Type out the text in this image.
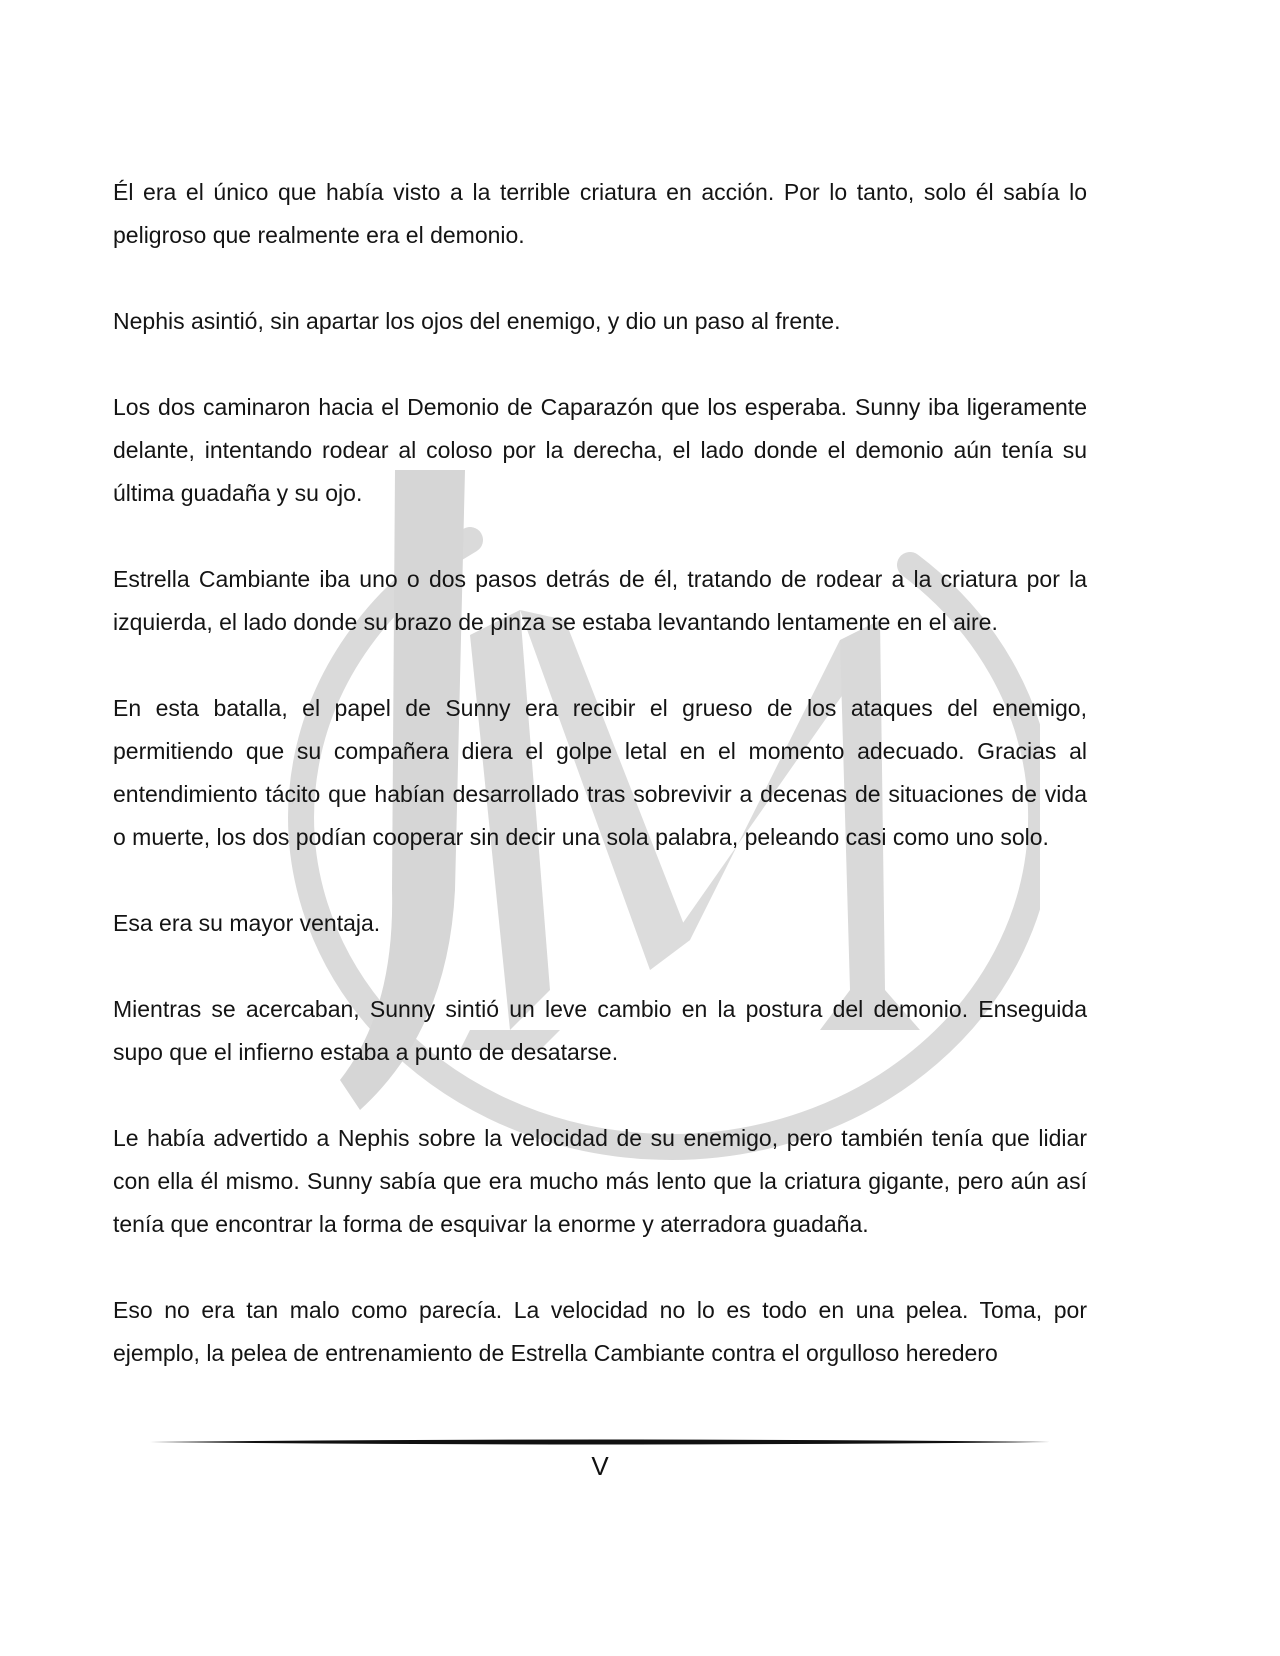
Él era el único que había visto a la terrible criatura en acción. Por lo tanto, solo él sabía lo peligroso que realmente era el demonio.

Nephis asintió, sin apartar los ojos del enemigo, y dio un paso al frente.

Los dos caminaron hacia el Demonio de Caparazón que los esperaba. Sunny iba ligeramente delante, intentando rodear al coloso por la derecha, el lado donde el demonio aún tenía su última guadaña y su ojo.

Estrella Cambiante iba uno o dos pasos detrás de él, tratando de rodear a la criatura por la izquierda, el lado donde su brazo de pinza se estaba levantando lentamente en el aire.

En esta batalla, el papel de Sunny era recibir el grueso de los ataques del enemigo, permitiendo que su compañera diera el golpe letal en el momento adecuado. Gracias al entendimiento tácito que habían desarrollado tras sobrevivir a decenas de situaciones de vida o muerte, los dos podían cooperar sin decir una sola palabra, peleando casi como uno solo.

Esa era su mayor ventaja.

Mientras se acercaban, Sunny sintió un leve cambio en la postura del demonio. Enseguida supo que el infierno estaba a punto de desatarse.

Le había advertido a Nephis sobre la velocidad de su enemigo, pero también tenía que lidiar con ella él mismo. Sunny sabía que era mucho más lento que la criatura gigante, pero aún así tenía que encontrar la forma de esquivar la enorme y aterradora guadaña.

Eso no era tan malo como parecía. La velocidad no lo es todo en una pelea. Toma, por ejemplo, la pelea de entrenamiento de Estrella Cambiante contra el orgulloso heredero

V
